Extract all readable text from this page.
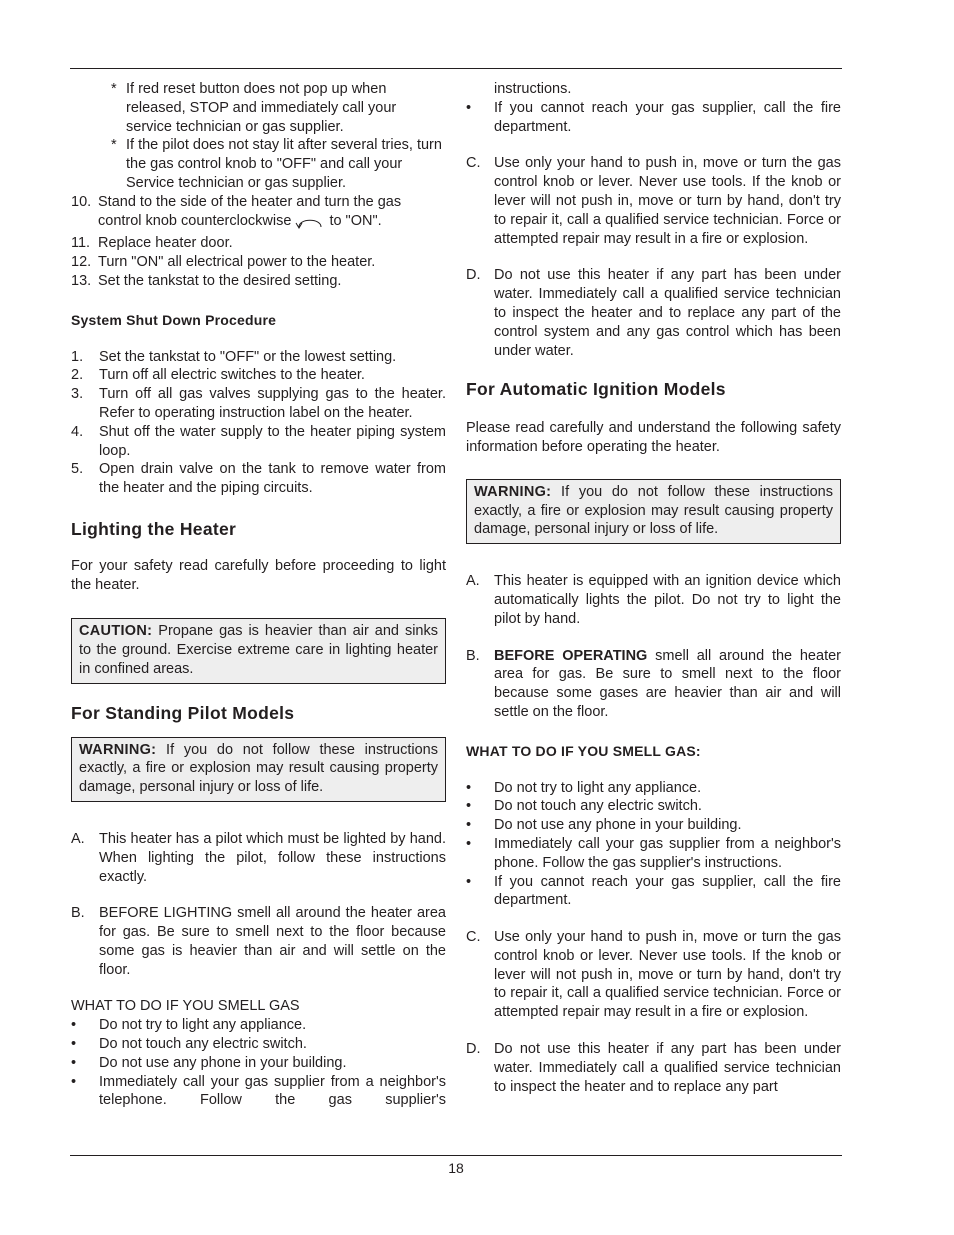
* If red reset button does not pop up when released, STOP and immediately call your service technician or gas supplier.
* If the pilot does not stay lit after several tries, turn the gas control knob to "OFF" and call your Service technician or gas supplier.
10. Stand to the side of the heater and turn the gas control knob counterclockwise	to "ON".
11. Replace heater door.
12. Turn "ON" all electrical power to the heater.
13. Set the tankstat to the desired setting.
System Shut Down Procedure
1. Set the tankstat to "OFF" or the lowest setting.
2. Turn off all electric switches to the heater.
3. Turn off all gas valves supplying gas to the heater. Refer to operating instruction label on the heater.
4. Shut off the water supply to the heater piping system loop.
5. Open drain valve on the tank to remove water from the heater and the piping circuits.
Lighting the Heater
For your safety read carefully before proceeding to light the heater.
CAUTION: Propane gas is heavier than air and sinks to the ground. Exercise extreme care in lighting heater in confined areas.
For Standing Pilot Models
WARNING: If you do not follow these instructions exactly, a fire or explosion may result causing property damage, personal injury or loss of life.
A. This heater has a pilot which must be lighted by hand. When lighting the pilot, follow these instructions exactly.
B. BEFORE LIGHTING smell all around the heater area for gas. Be sure to smell next to the floor because some gas is heavier than air and will settle on the floor.
WHAT TO DO IF YOU SMELL GAS
• Do not try to light any appliance.
• Do not touch any electric switch.
• Do not use any phone in your building.
• Immediately call your gas supplier from a neighbor's telephone. Follow the gas supplier's
instructions.
• If you cannot reach your gas supplier, call the fire department.
C. Use only your hand to push in, move or turn the gas control knob or lever. Never use tools. If the knob or lever will not push in, move or turn by hand, don't try to repair it, call a qualified service technician. Force or attempted repair may result in a fire or explosion.
D. Do not use this heater if any part has been under water. Immediately call a qualified service technician to inspect the heater and to replace any part of the control system and any gas control which has been under water.
For Automatic Ignition Models
Please read carefully and understand the following safety information before operating the heater.
WARNING: If you do not follow these instructions exactly, a fire or explosion may result causing property damage, personal injury or loss of life.
A. This heater is equipped with an ignition device which automatically lights the pilot. Do not try to light the pilot by hand.
B. BEFORE OPERATING smell all around the heater area for gas. Be sure to smell next to the floor because some gases are heavier than air and will settle on the floor.
WHAT TO DO IF YOU SMELL GAS:
• Do not try to light any appliance.
• Do not touch any electric switch.
• Do not use any phone in your building.
• Immediately call your gas supplier from a neighbor's phone. Follow the gas supplier's instructions.
• If you cannot reach your gas supplier, call the fire department.
C. Use only your hand to push in, move or turn the gas control knob or lever. Never use tools. If the knob or lever will not push in, move or turn by hand, don't try to repair it, call a qualified service technician. Force or attempted repair may result in a fire or explosion.
D. Do not use this heater if any part has been under water. Immediately call a qualified service technician to inspect the heater and to replace any part
18
